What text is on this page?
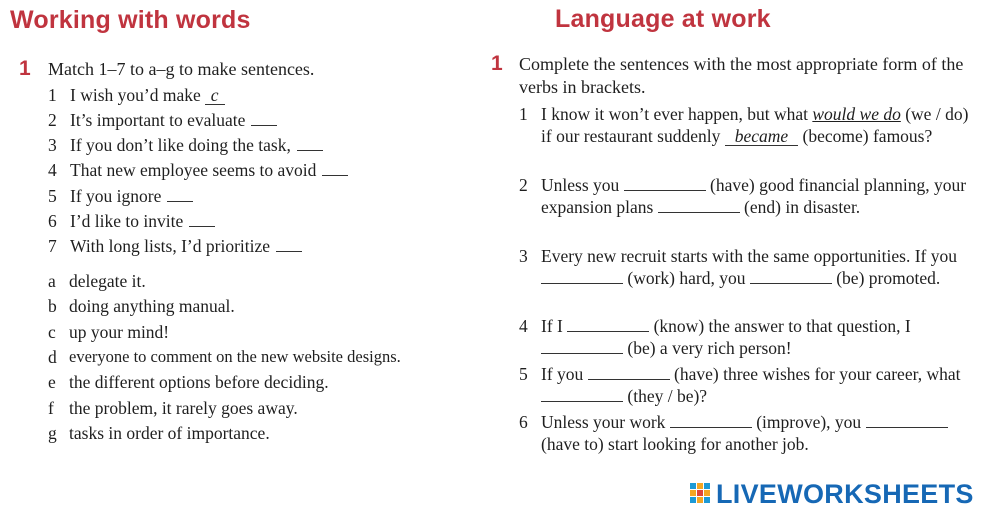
Working with words
1 Match 1–7 to a–g to make sentences.
1 I wish you’d make c
2 It’s important to evaluate
3 If you don’t like doing the task,
4 That new employee seems to avoid
5 If you ignore
6 I’d like to invite
7 With long lists, I’d prioritize
a delegate it.
b doing anything manual.
c up your mind!
d everyone to comment on the new website designs.
e the different options before deciding.
f the problem, it rarely goes away.
g tasks in order of importance.
Language at work
1 Complete the sentences with the most appropriate form of the verbs in brackets.
1 I know it won’t ever happen, but what would we do (we / do) if our restaurant suddenly became (become) famous?
2 Unless you	(have) good financial planning, your expansion plans	(end) in disaster.
3 Every new recruit starts with the same opportunities. If you  (work) hard, you	(be) promoted.
4 If I	(know) the answer to that question, I  (be) a very rich person!
5 If you	(have) three wishes for your career, what  (they / be)?
6 Unless your work	(improve), you  (have to) start looking for another job.
LIVEWORKSHEETS
